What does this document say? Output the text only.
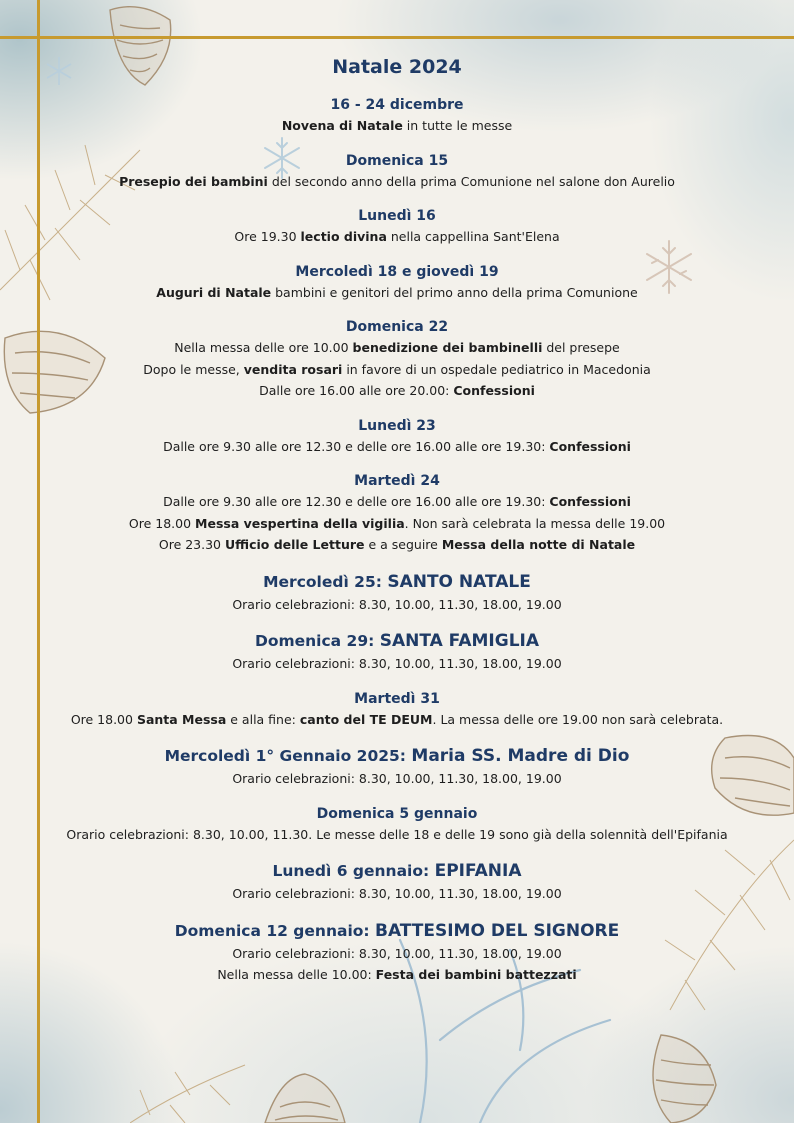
Natale 2024
16 - 24 dicembre
Novena di Natale in tutte le messe
Domenica 15
Presepio dei bambini del secondo anno della prima Comunione nel salone don Aurelio
Lunedì 16
Ore 19.30 lectio divina nella cappellina Sant'Elena
Mercoledì 18 e giovedì 19
Auguri di Natale bambini e genitori del primo anno della prima Comunione
Domenica 22
Nella messa delle ore 10.00 benedizione dei bambinelli del presepe
Dopo le messe, vendita rosari in favore di un ospedale pediatrico in Macedonia
Dalle ore 16.00 alle ore 20.00: Confessioni
Lunedì 23
Dalle ore 9.30 alle ore 12.30 e delle ore 16.00 alle ore 19.30: Confessioni
Martedì 24
Dalle ore 9.30 alle ore 12.30 e delle ore 16.00 alle ore 19.30: Confessioni
Ore 18.00 Messa vespertina della vigilia. Non sarà celebrata la messa delle 19.00
Ore 23.30 Ufficio delle Letture e a seguire Messa della notte di Natale
Mercoledì 25: SANTO NATALE
Orario celebrazioni: 8.30, 10.00, 11.30, 18.00, 19.00
Domenica 29: SANTA FAMIGLIA
Orario celebrazioni: 8.30, 10.00, 11.30, 18.00, 19.00
Martedì 31
Ore 18.00 Santa Messa e alla fine: canto del TE DEUM. La messa delle ore 19.00 non sarà celebrata.
Mercoledì 1° Gennaio 2025: Maria SS. Madre di Dio
Orario celebrazioni: 8.30, 10.00, 11.30, 18.00, 19.00
Domenica 5 gennaio
Orario celebrazioni: 8.30, 10.00, 11.30. Le messe delle 18 e delle 19 sono già della solennità dell'Epifania
Lunedì 6 gennaio: EPIFANIA
Orario celebrazioni: 8.30, 10.00, 11.30, 18.00, 19.00
Domenica 12 gennaio: BATTESIMO DEL SIGNORE
Orario celebrazioni: 8.30, 10.00, 11.30, 18.00, 19.00
Nella messa delle 10.00: Festa dei bambini battezzati
